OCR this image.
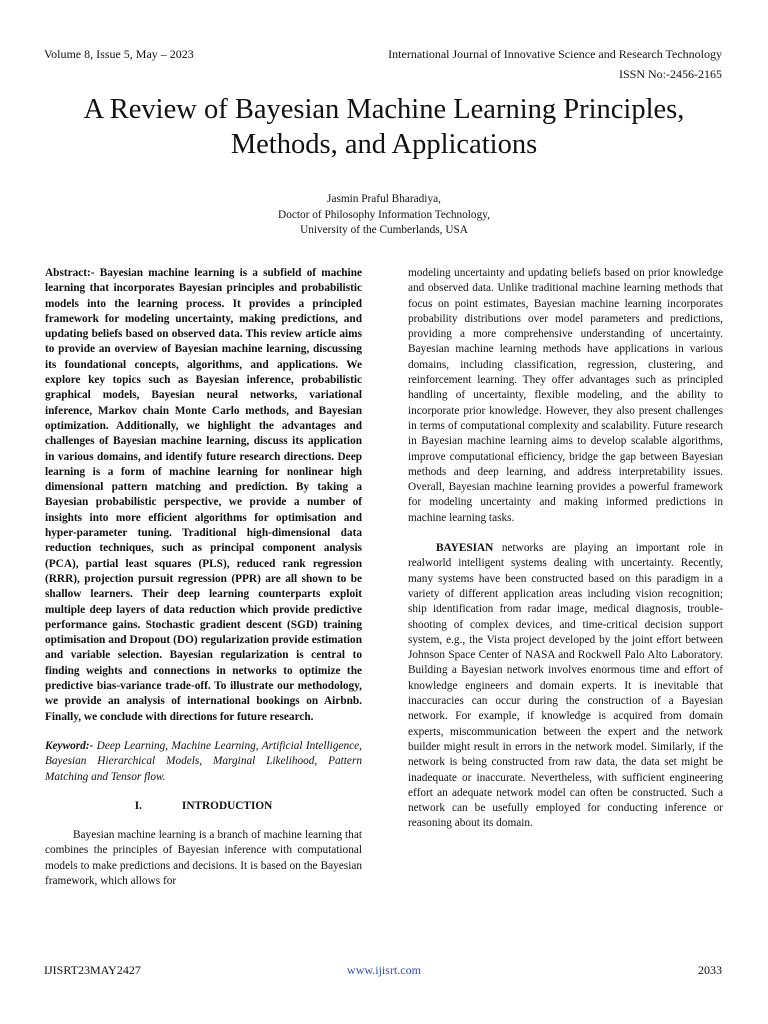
Volume 8, Issue 5, May – 2023	International Journal of Innovative Science and Research Technology
ISSN No:-2456-2165
A Review of Bayesian Machine Learning Principles, Methods, and Applications
Jasmin Praful Bharadiya,
Doctor of Philosophy Information Technology,
University of the Cumberlands, USA

Abstract:- Bayesian machine learning is a subfield of machine learning that incorporates Bayesian principles and probabilistic models into the learning process. It provides a principled framework for modeling uncertainty, making predictions, and updating beliefs based on observed data. This review article aims to provide an overview of Bayesian machine learning, discussing its foundational concepts, algorithms, and applications. We explore key topics such as Bayesian inference, probabilistic graphical models, Bayesian neural networks, variational inference, Markov chain Monte Carlo methods, and Bayesian optimization. Additionally, we highlight the advantages and challenges of Bayesian machine learning, discuss its application in various domains, and identify future research directions. Deep learning is a form of machine learning for nonlinear high dimensional pattern matching and prediction. By taking a Bayesian probabilistic perspective, we provide a number of insights into more efficient algorithms for optimisation and hyper-parameter tuning. Traditional high-dimensional data reduction techniques, such as principal component analysis (PCA), partial least squares (PLS), reduced rank regression (RRR), projection pursuit regression (PPR) are all shown to be shallow learners. Their deep learning counterparts exploit multiple deep layers of data reduction which provide predictive performance gains. Stochastic gradient descent (SGD) training optimisation and Dropout (DO) regularization provide estimation and variable selection. Bayesian regularization is central to finding weights and connections in networks to optimize the predictive bias-variance trade-off. To illustrate our methodology, we provide an analysis of international bookings on Airbnb. Finally, we conclude with directions for future research.

Keyword:- Deep Learning, Machine Learning, Artificial Intelligence, Bayesian Hierarchical Models, Marginal Likelihood, Pattern Matching and Tensor flow.

I.	INTRODUCTION

Bayesian machine learning is a branch of machine learning that combines the principles of Bayesian inference with computational models to make predictions and decisions. It is based on the Bayesian framework, which allows for

modeling uncertainty and updating beliefs based on prior knowledge and observed data. Unlike traditional machine learning methods that focus on point estimates, Bayesian machine learning incorporates probability distributions over model parameters and predictions, providing a more comprehensive understanding of uncertainty. Bayesian machine learning methods have applications in various domains, including classification, regression, clustering, and reinforcement learning. They offer advantages such as principled handling of uncertainty, flexible modeling, and the ability to incorporate prior knowledge. However, they also present challenges in terms of computational complexity and scalability. Future research in Bayesian machine learning aims to develop scalable algorithms, improve computational efficiency, bridge the gap between Bayesian methods and deep learning, and address interpretability issues. Overall, Bayesian machine learning provides a powerful framework for modeling uncertainty and making informed predictions in machine learning tasks.

BAYESIAN networks are playing an important role in realworld intelligent systems dealing with uncertainty. Recently, many systems have been constructed based on this paradigm in a variety of different application areas including vision recognition; ship identification from radar image, medical diagnosis, trouble-shooting of complex devices, and time-critical decision support system, e.g., the Vista project developed by the joint effort between Johnson Space Center of NASA and Rockwell Palo Alto Laboratory. Building a Bayesian network involves enormous time and effort of knowledge engineers and domain experts. It is inevitable that inaccuracies can occur during the construction of a Bayesian network. For example, if knowledge is acquired from domain experts, miscommunication between the expert and the network builder might result in errors in the network model. Similarly, if the network is being constructed from raw data, the data set might be inadequate or inaccurate. Nevertheless, with sufficient engineering effort an adequate network model can often be constructed. Such a network can be usefully employed for conducting inference or reasoning about its domain.

IJISRT23MAY2427	www.ijisrt.com	2033
